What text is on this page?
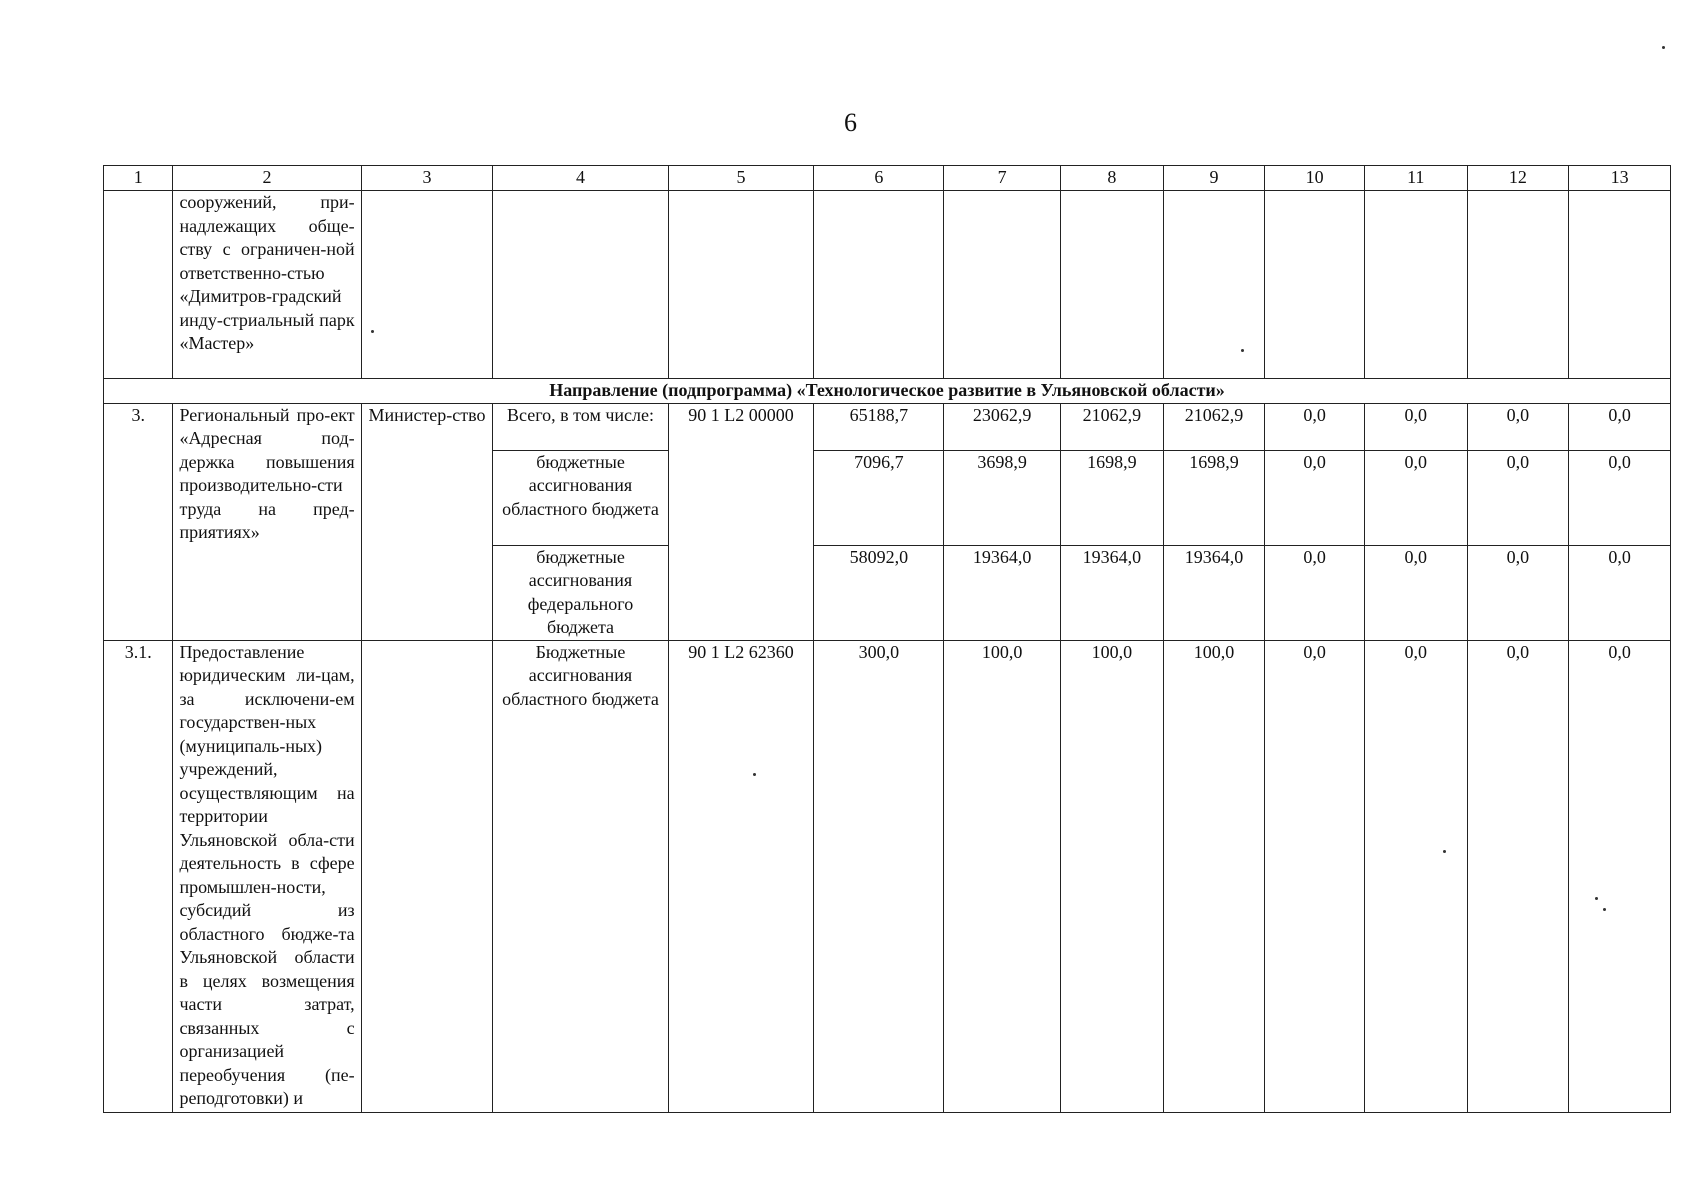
6
1	2	3	4	5	6	7	8	9	10	11	12	13
	сооружений, при-надлежащих обще-ству с ограничен-ной ответственно-стью «Димитров-градский инду-стриальный парк «Мастер»											
Направление (подпрограмма) «Технологическое развитие в Ульяновской области»												
3.	Региональный про-ект «Адресная под-держка повышения производительно-сти труда на пред-приятиях»	Министер-ство	Всего, в том числе:	90 1 L2 00000	65188,7	23062,9	21062,9	21062,9	0,0	0,0	0,0	0,0
			бюджетные ассигнования областного бюджета		7096,7	3698,9	1698,9	1698,9	0,0	0,0	0,0	0,0
			бюджетные ассигнования федерального бюджета		58092,0	19364,0	19364,0	19364,0	0,0	0,0	0,0	0,0
3.1.	Предоставление юридическим ли-цам, за исключени-ем государствен-ных (муниципаль-ных) учреждений, осуществляющим на территории Ульяновской обла-сти деятельность в сфере промышлен-ности, субсидий из областного бюдже-та Ульяновской области в целях возмещения части затрат, связанных с организацией переобучения (пе-реподготовки) и		Бюджетные ассигнования областного бюджета	90 1 L2 62360	300,0	100,0	100,0	100,0	0,0	0,0	0,0	0,0
